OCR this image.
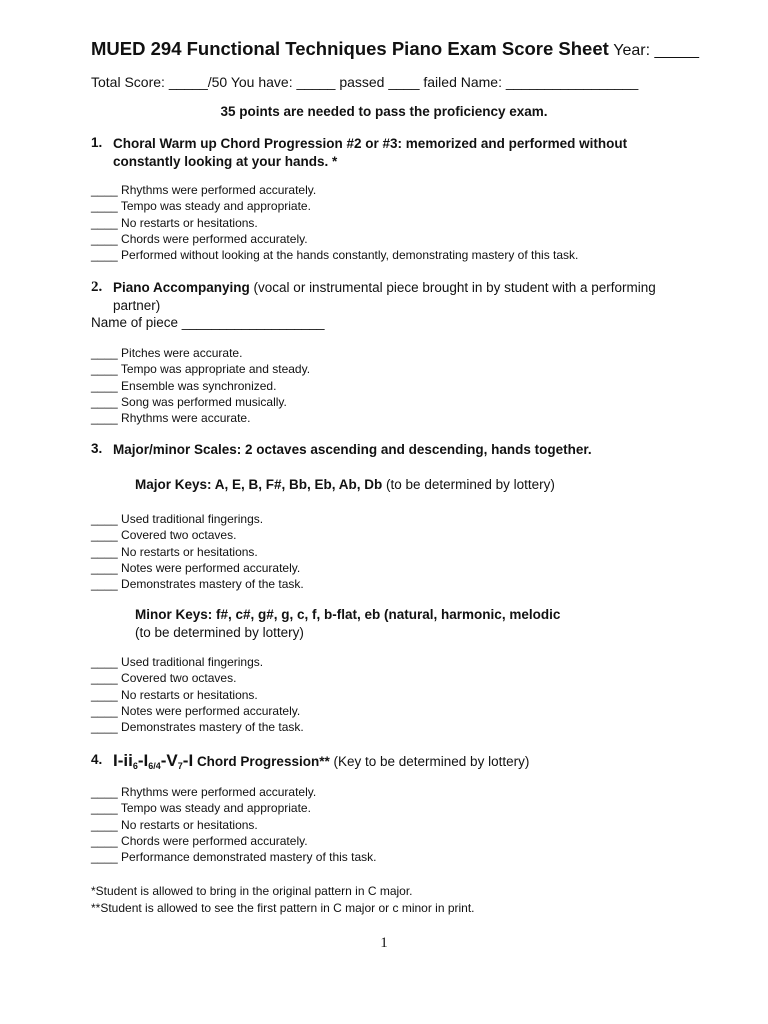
MUED 294 Functional Techniques Piano Exam Score Sheet Year: _____
Total Score: _____/50 You have: _____ passed ____ failed Name: _________________
35 points are needed to pass the proficiency exam.
1. Choral Warm up Chord Progression #2 or #3: memorized and performed without constantly looking at your hands. *
____ Rhythms were performed accurately.
____ Tempo was steady and appropriate.
____ No restarts or hesitations.
____ Chords were performed accurately.
____ Performed without looking at the hands constantly, demonstrating mastery of this task.
2. Piano Accompanying (vocal or instrumental piece brought in by student with a performing partner)
Name of piece ___________________
____ Pitches were accurate.
____ Tempo was appropriate and steady.
____ Ensemble was synchronized.
____ Song was performed musically.
____ Rhythms were accurate.
3. Major/minor Scales: 2 octaves ascending and descending, hands together.
Major Keys: A, E, B, F#, Bb, Eb, Ab, Db (to be determined by lottery)
____ Used traditional fingerings.
____ Covered two octaves.
____ No restarts or hesitations.
____ Notes were performed accurately.
____ Demonstrates mastery of the task.
Minor Keys: f#, c#, g#, g, c, f, b-flat, eb (natural, harmonic, melodic
(to be determined by lottery)
____ Used traditional fingerings.
____ Covered two octaves.
____ No restarts or hesitations.
____ Notes were performed accurately.
____ Demonstrates mastery of the task.
4. $I-ii_6-I_{6/4}-V_7-I$ Chord Progression** (Key to be determined by lottery)
____ Rhythms were performed accurately.
____ Tempo was steady and appropriate.
____ No restarts or hesitations.
____ Chords were performed accurately.
____ Performance demonstrated mastery of this task.
*Student is allowed to bring in the original pattern in C major.
**Student is allowed to see the first pattern in C major or c minor in print.
1
